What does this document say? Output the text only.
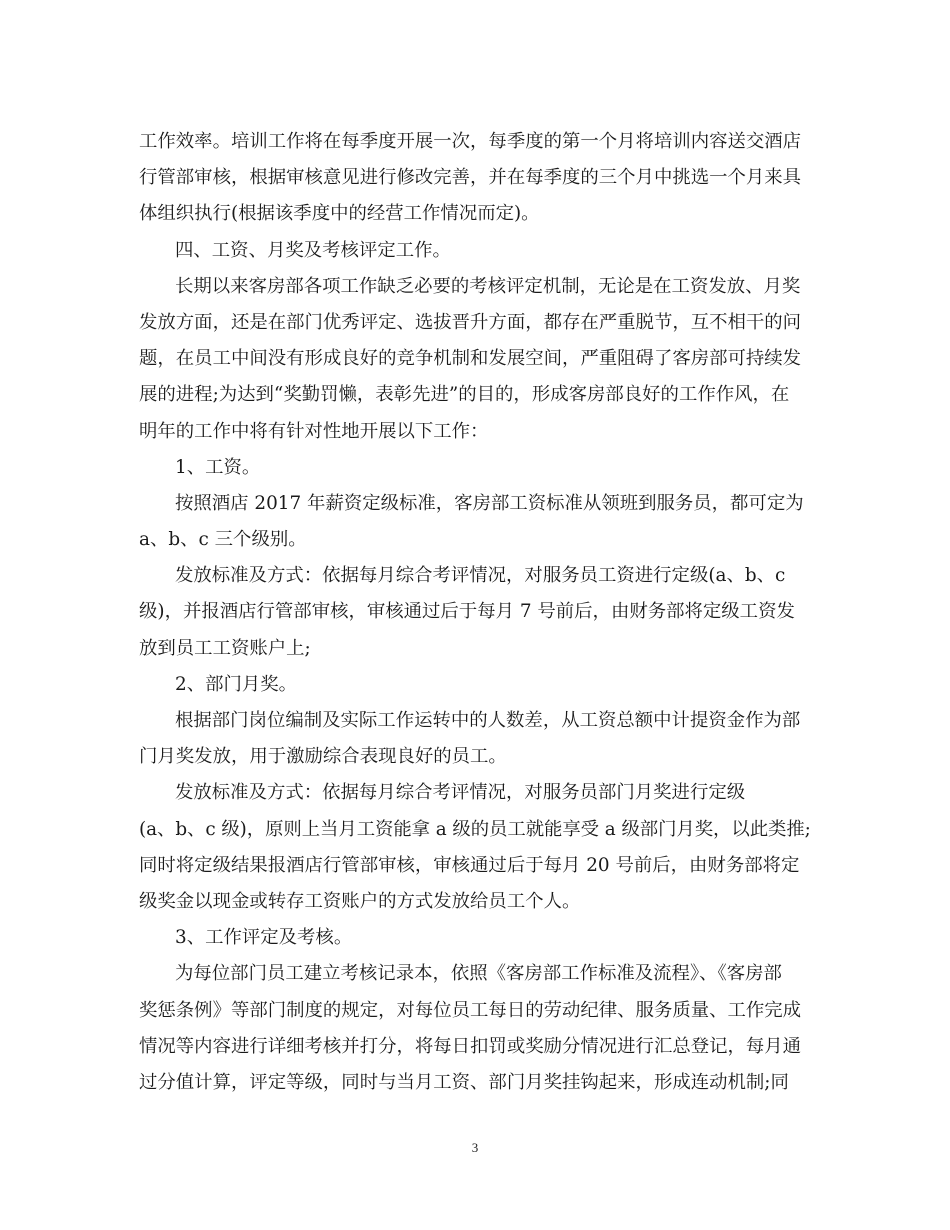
工作效率。培训工作将在每季度开展一次，每季度的第一个月将培训内容送交酒店
行管部审核，根据审核意见进行修改完善，并在每季度的三个月中挑选一个月来具
体组织执行(根据该季度中的经营工作情况而定)。
四、工资、月奖及考核评定工作。
长期以来客房部各项工作缺乏必要的考核评定机制，无论是在工资发放、月奖
发放方面，还是在部门优秀评定、选拔晋升方面，都存在严重脱节，互不相干的问
题，在员工中间没有形成良好的竞争机制和发展空间，严重阻碍了客房部可持续发
展的进程;为达到“奖勤罚懒，表彰先进”的目的，形成客房部良好的工作作风，在
明年的工作中将有针对性地开展以下工作：
1、工资。
按照酒店 2017 年薪资定级标准，客房部工资标准从领班到服务员，都可定为
a、b、c 三个级别。
发放标准及方式：依据每月综合考评情况，对服务员工资进行定级(a、b、c
级)，并报酒店行管部审核，审核通过后于每月 7 号前后，由财务部将定级工资发
放到员工工资账户上;
2、部门月奖。
根据部门岗位编制及实际工作运转中的人数差，从工资总额中计提资金作为部
门月奖发放，用于激励综合表现良好的员工。
发放标准及方式：依据每月综合考评情况，对服务员部门月奖进行定级
(a、b、c 级)，原则上当月工资能拿 a 级的员工就能享受 a 级部门月奖，以此类推;
同时将定级结果报酒店行管部审核，审核通过后于每月 20 号前后，由财务部将定
级奖金以现金或转存工资账户的方式发放给员工个人。
3、工作评定及考核。
为每位部门员工建立考核记录本，依照《客房部工作标准及流程》、《客房部
奖惩条例》等部门制度的规定，对每位员工每日的劳动纪律、服务质量、工作完成
情况等内容进行详细考核并打分，将每日扣罚或奖励分情况进行汇总登记，每月通
过分值计算，评定等级，同时与当月工资、部门月奖挂钩起来，形成连动机制;同
3
